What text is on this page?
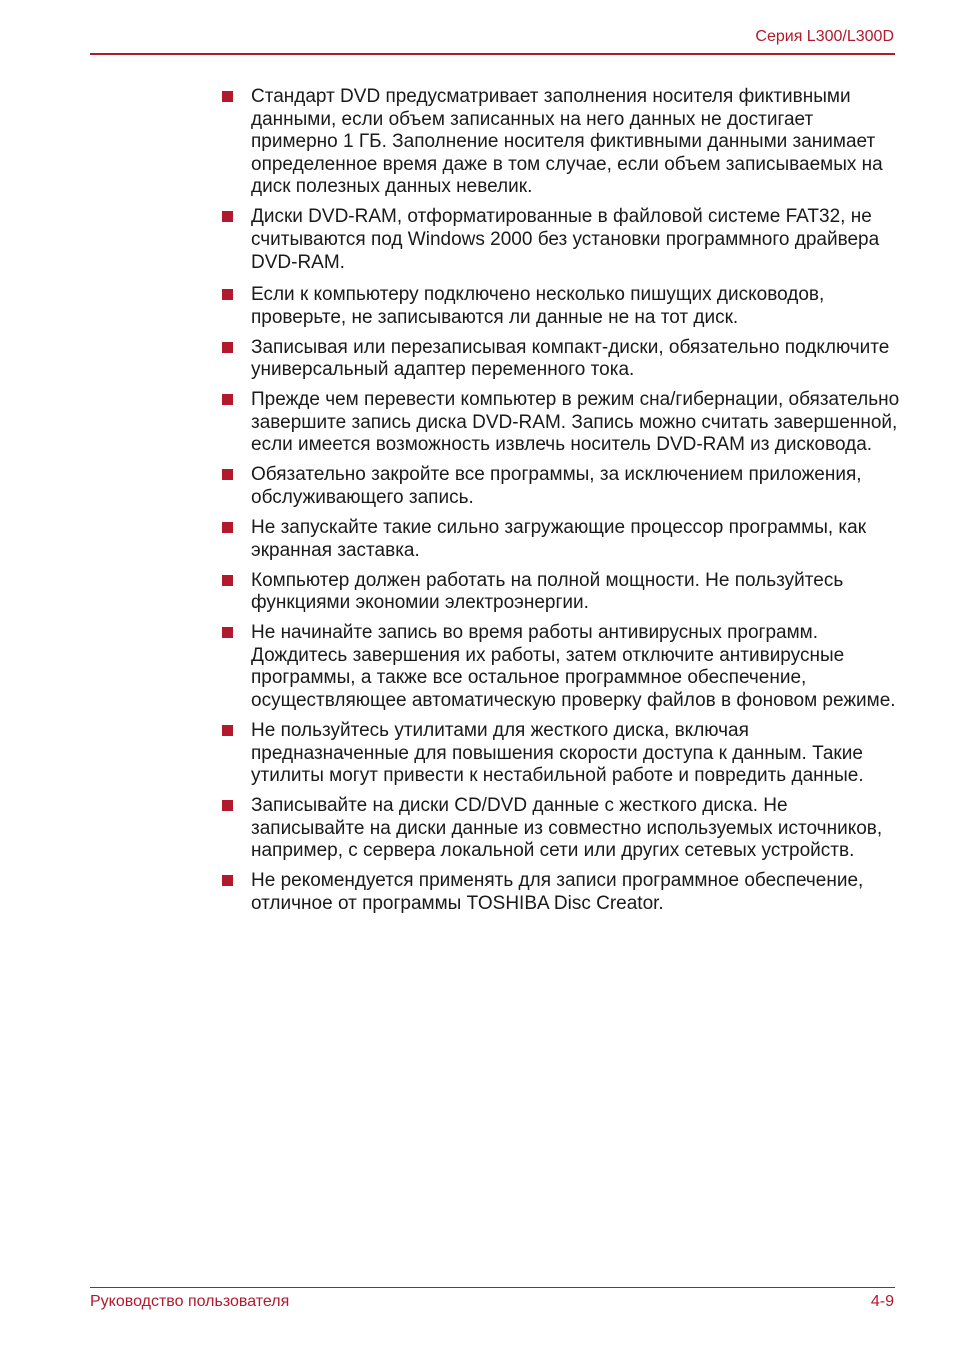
Серия L300/L300D
Стандарт DVD предусматривает заполнения носителя фиктивными данными, если объем записанных на него данных не достигает примерно 1 ГБ. Заполнение носителя фиктивными данными занимает определенное время даже в том случае, если объем записываемых на диск полезных данных невелик.
Диски DVD-RAM, отформатированные в файловой системе FAT32, не считываются под Windows 2000 без установки программного драйвера DVD-RAM.
Если к компьютеру подключено несколько пишущих дисководов, проверьте, не записываются ли данные не на тот диск.
Записывая или перезаписывая компакт-диски, обязательно подключите универсальный адаптер переменного тока.
Прежде чем перевести компьютер в режим сна/гибернации, обязательно завершите запись диска DVD-RAM. Запись можно считать завершенной, если имеется возможность извлечь носитель DVD-RAM из дисковода.
Обязательно закройте все программы, за исключением приложения, обслуживающего запись.
Не запускайте такие сильно загружающие процессор программы, как экранная заставка.
Компьютер должен работать на полной мощности. Не пользуйтесь функциями экономии электроэнергии.
Не начинайте запись во время работы антивирусных программ. Дождитесь завершения их работы, затем отключите антивирусные программы, а также все остальное программное обеспечение, осуществляющее автоматическую проверку файлов в фоновом режиме.
Не пользуйтесь утилитами для жесткого диска, включая предназначенные для повышения скорости доступа к данным. Такие утилиты могут привести к нестабильной работе и повредить данные.
Записывайте на диски CD/DVD данные с жесткого диска. Не записывайте на диски данные из совместно используемых источников, например, с сервера локальной сети или других сетевых устройств.
Не рекомендуется применять для записи программное обеспечение, отличное от программы TOSHIBA Disc Creator.
Руководство пользователя	4-9
